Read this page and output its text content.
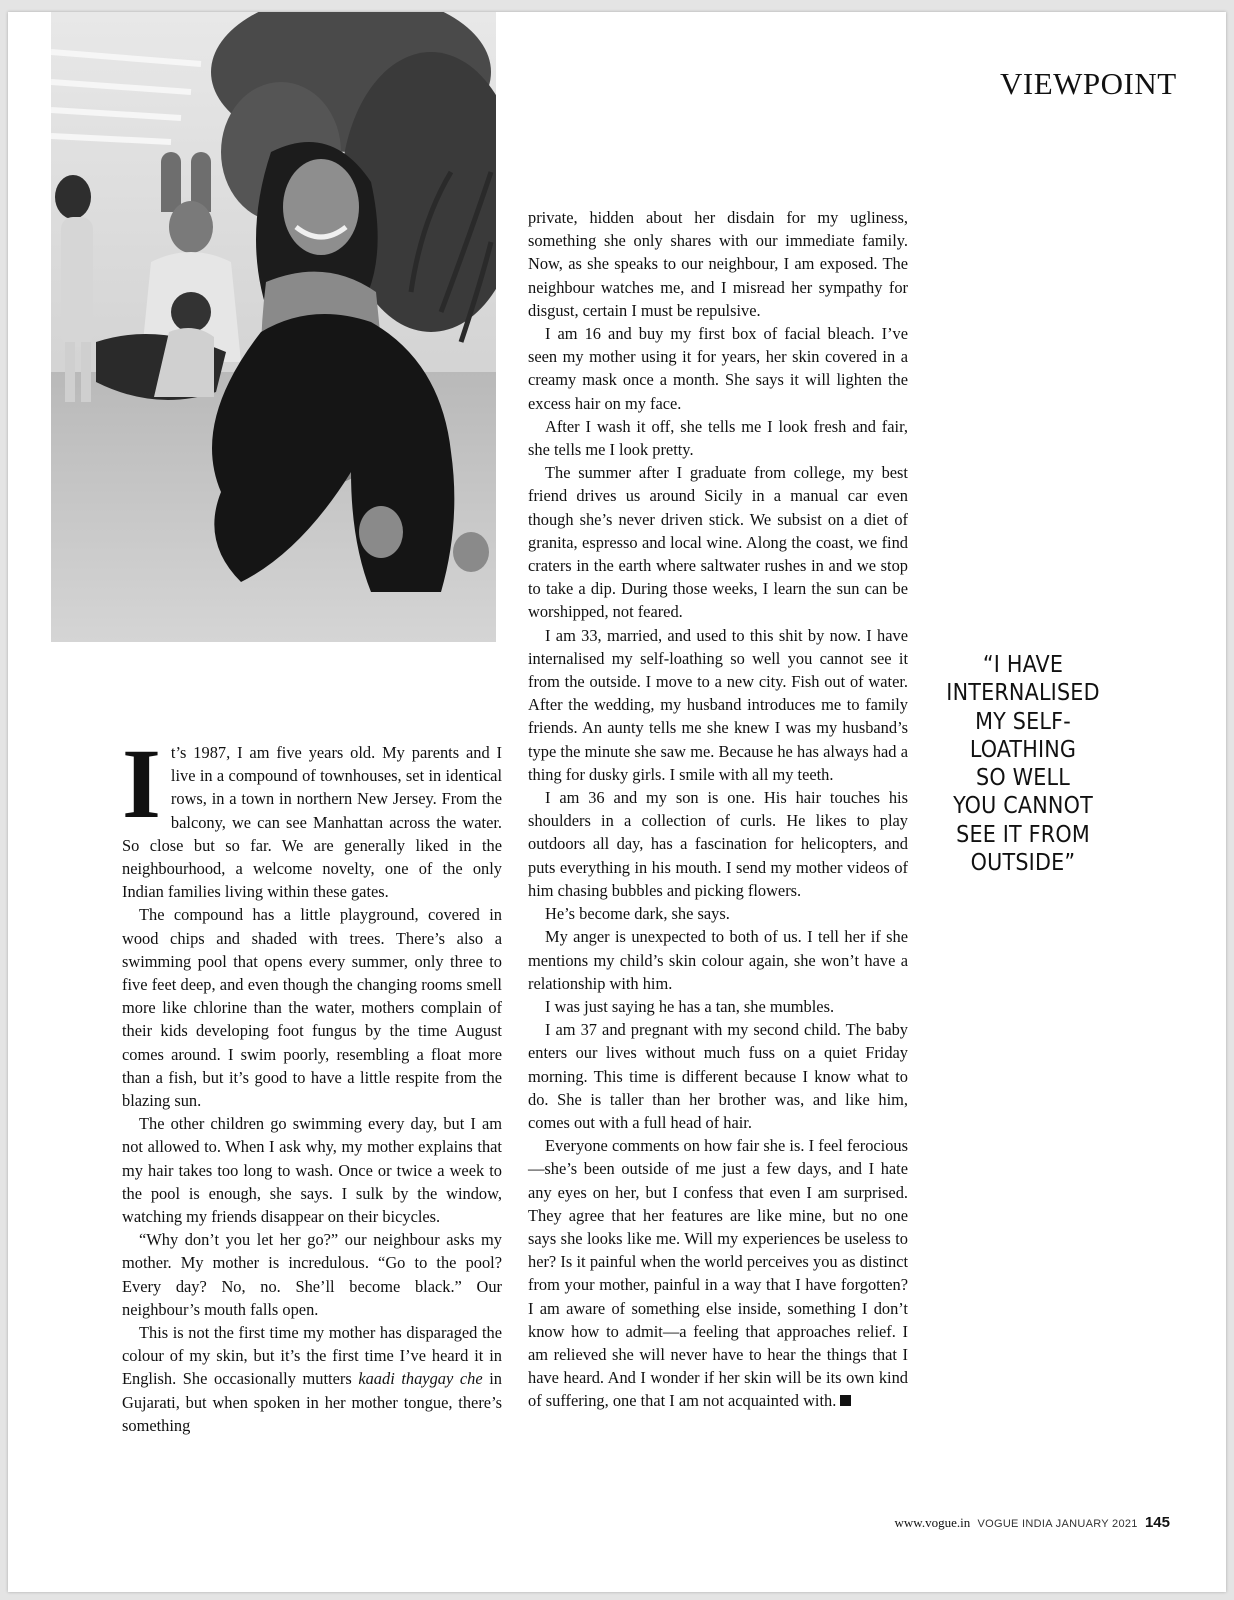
VIEWPOINT
I t’s 1987, I am five years old. My parents and I live in a compound of townhouses, set in identical rows, in a town in northern New Jersey. From the balcony, we can see Manhattan across the water. So close but so far. We are generally liked in the neighbourhood, a welcome novelty, one of the only Indian families living within these gates.

The compound has a little playground, covered in wood chips and shaded with trees. There’s also a swimming pool that opens every summer, only three to five feet deep, and even though the changing rooms smell more like chlorine than the water, mothers complain of their kids developing foot fungus by the time August comes around. I swim poorly, resembling a float more than a fish, but it’s good to have a little respite from the blazing sun.

The other children go swimming every day, but I am not allowed to. When I ask why, my mother explains that my hair takes too long to wash. Once or twice a week to the pool is enough, she says. I sulk by the window, watching my friends disappear on their bicycles.

“Why don’t you let her go?” our neighbour asks my mother. My mother is incredulous. “Go to the pool? Every day? No, no. She’ll become black.” Our neighbour’s mouth falls open.

This is not the first time my mother has disparaged the colour of my skin, but it’s the first time I’ve heard it in English. She occasionally mutters kaadi thaygay che in Gujarati, but when spoken in her mother tongue, there’s something

private, hidden about her disdain for my ugliness, something she only shares with our immediate family. Now, as she speaks to our neighbour, I am exposed. The neighbour watches me, and I misread her sympathy for disgust, certain I must be repulsive.

I am 16 and buy my first box of facial bleach. I’ve seen my mother using it for years, her skin covered in a creamy mask once a month. She says it will lighten the excess hair on my face.

After I wash it off, she tells me I look fresh and fair, she tells me I look pretty.

The summer after I graduate from college, my best friend drives us around Sicily in a manual car even though she’s never driven stick. We subsist on a diet of granita, espresso and local wine. Along the coast, we find craters in the earth where saltwater rushes in and we stop to take a dip. During those weeks, I learn the sun can be worshipped, not feared.

I am 33, married, and used to this shit by now. I have internalised my self-loathing so well you cannot see it from the outside. I move to a new city. Fish out of water. After the wedding, my husband introduces me to family friends. An aunty tells me she knew I was my husband’s type the minute she saw me. Because he has always had a thing for dusky girls. I smile with all my teeth.

I am 36 and my son is one. His hair touches his shoulders in a collection of curls. He likes to play outdoors all day, has a fascination for helicopters, and puts everything in his mouth. I send my mother videos of him chasing bubbles and picking flowers.

He’s become dark, she says.

My anger is unexpected to both of us. I tell her if she mentions my child’s skin colour again, she won’t have a relationship with him.

I was just saying he has a tan, she mumbles.

I am 37 and pregnant with my second child. The baby enters our lives without much fuss on a quiet Friday morning. This time is different because I know what to do. She is taller than her brother was, and like him, comes out with a full head of hair.

Everyone comments on how fair she is. I feel ferocious—she’s been outside of me just a few days, and I hate any eyes on her, but I confess that even I am surprised. They agree that her features are like mine, but no one says she looks like me. Will my experiences be useless to her? Is it painful when the world perceives you as distinct from your mother, painful in a way that I have forgotten? I am aware of something else inside, something I don’t know how to admit—a feeling that approaches relief. I am relieved she will never have to hear the things that I have heard. And I wonder if her skin will be its own kind of suffering, one that I am not acquainted with.

“I HAVE
INTERNALISED
MY SELF-
LOATHING
SO WELL
YOU CANNOT
SEE IT FROM
OUTSIDE”
www.vogue.in VOGUE INDIA JANUARY 2021 145
